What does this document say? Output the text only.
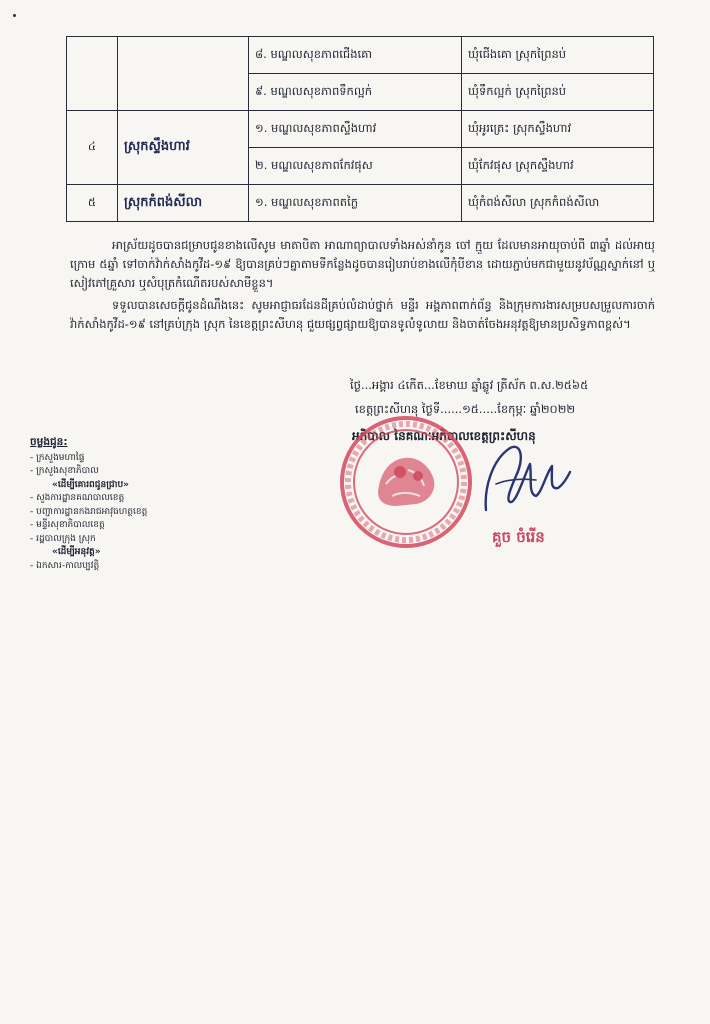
		៨. មណ្ឌលសុខភាពជើងគោ	ឃុំជើងគោ ស្រុកព្រៃនប់
		៩. មណ្ឌលសុខភាពទឹកល្អក់	ឃុំទឹកល្អក់ ស្រុកព្រៃនប់
៤	ស្រុកស្ទឹងហាវ	១. មណ្ឌលសុខភាពស្ទឹងហាវ	ឃុំអូរត្រេះ ស្រុកស្ទឹងហាវ
		២. មណ្ឌលសុខភាពកែវផុស	ឃុំកែវផុស ស្រុកស្ទឹងហាវ
៥	ស្រុកកំពង់សីលា	១. មណ្ឌលសុខភាពតក្លៃ	ឃុំកំពង់សីលា ស្រុកកំពង់សីលា

អាស្រ័យដូចបានជម្រាបជូនខាងលើសូម មាតាបិតា អាណាព្យាបាលទាំងអស់នាំកូន ចៅ ក្មួយ ដែលមានអាយុចាប់ពី ៣ឆ្នាំ ដល់អាយុក្រោម ៥ឆ្នាំ ទៅចាក់វ៉ាក់សាំងកូវីដ-១៩ ឱ្យបានគ្រប់ៗគ្នាតាមទីកន្លែងដូចបានរៀបរាប់ខាងលើកុំបីខាន ដោយភ្ជាប់មកជាមួយនូវប័ណ្ណស្នាក់នៅ ឬសៀវភៅគ្រួសារ ឬសំបុត្រកំណើតរបស់សាមីខ្លួន។

ទទួលបានសេចក្តីជូនដំណឹងនេះ សូមអាជ្ញាធរដែនដីគ្រប់លំដាប់ថ្នាក់ មន្ទីរ អង្គភាពពាក់ព័ន្ធ និងក្រុមការងារសម្របសម្រួលការចាក់វ៉ាក់សាំងកូវីដ-១៩ នៅគ្រប់ក្រុង ស្រុក នៃខេត្តព្រះសីហនុ ជួយផ្សព្វផ្សាយឱ្យបានទូលំទូលាយ និងចាត់ចែងអនុវត្តឱ្យមានប្រសិទ្ធភាពខ្ពស់។

ថ្ងៃ...អង្គារ ៤កើត...ខែមាឃ ឆ្នាំឆ្លូវ ត្រីស័ក ព.ស.២៥៦៥
ខេត្តព្រះសីហនុ ថ្ងៃទី......១៥.....ខែកុម្ភៈ ឆ្នាំ២០២២
អភិបាល នៃគណៈអភិបាលខេត្តព្រះសីហនុ
គួច ចំរើន
ចម្លងជូន:
- ក្រសួងមហាផ្ទៃ
- ក្រសួងសុខាភិបាល
«ដើម្បីគោរពជូនជ្រាប»
- សួងការដ្ឋានគណបាលខេត្ត
- បញ្ជាការដ្ឋានកងរាជអាវុធហត្ថខេត្ត
- មន្ទីរសុខាភិបាលខេត្ត
- រដ្ឋបាលក្រុង ស្រុក
«ដើម្បីអនុវត្ត»
- ឯកសារ-កាលប្បវត្តិ
